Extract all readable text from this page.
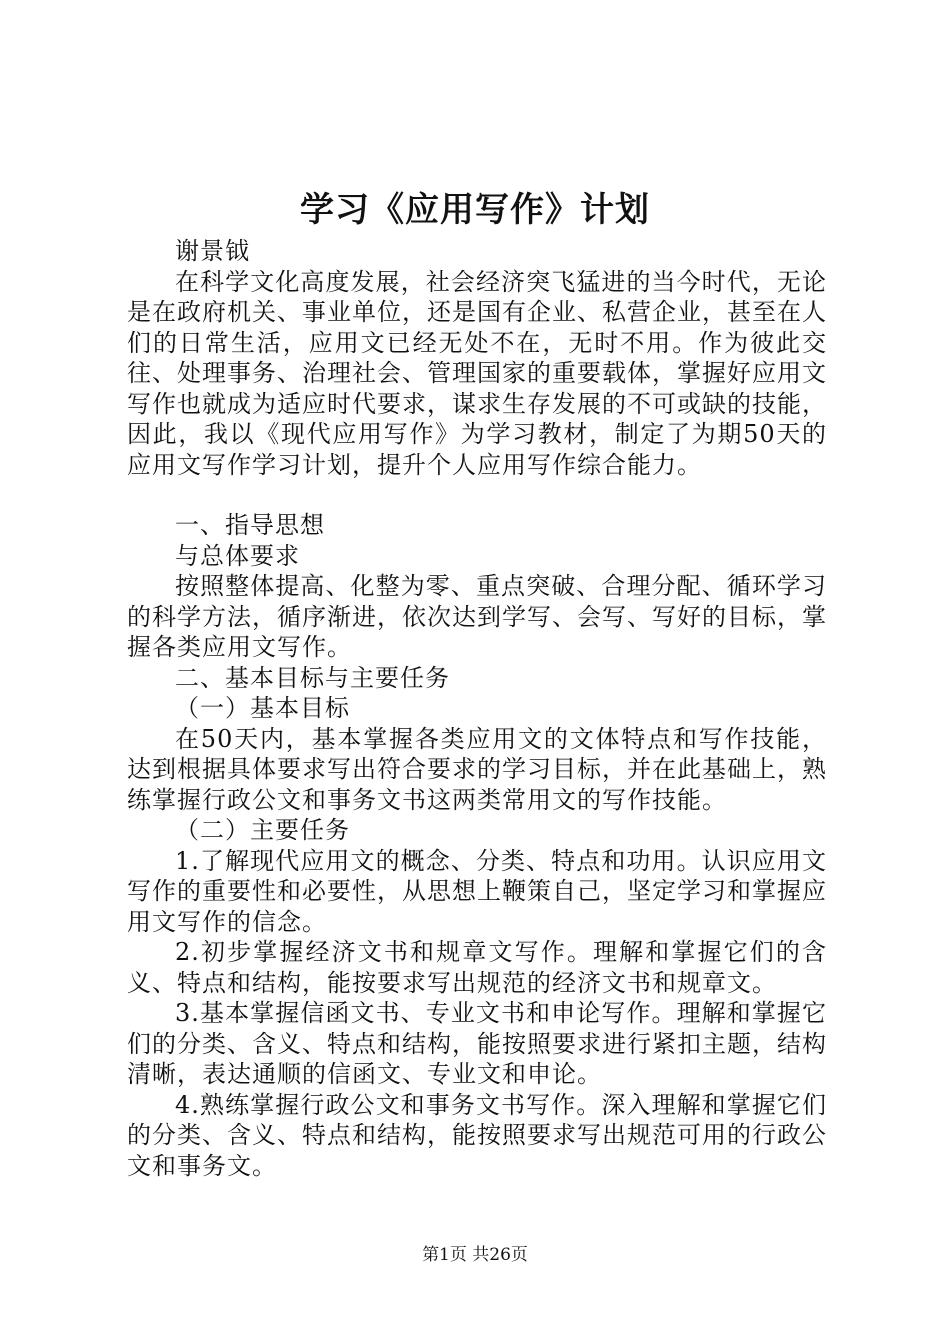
学习《应用写作》计划

谢景钺

在科学文化高度发展，社会经济突飞猛进的当今时代，无论是在政府机关、事业单位，还是国有企业、私营企业，甚至在人们的日常生活，应用文已经无处不在，无时不用。作为彼此交往、处理事务、治理社会、管理国家的重要载体，掌握好应用文写作也就成为适应时代要求，谋求生存发展的不可或缺的技能，因此，我以《现代应用写作》为学习教材，制定了为期50天的应用文写作学习计划，提升个人应用写作综合能力。

一、指导思想

与总体要求

按照整体提高、化整为零、重点突破、合理分配、循环学习的科学方法，循序渐进，依次达到学写、会写、写好的目标，掌握各类应用文写作。

二、基本目标与主要任务

（一）基本目标

在50天内，基本掌握各类应用文的文体特点和写作技能，达到根据具体要求写出符合要求的学习目标，并在此基础上，熟练掌握行政公文和事务文书这两类常用文的写作技能。

（二）主要任务

1.了解现代应用文的概念、分类、特点和功用。认识应用文写作的重要性和必要性，从思想上鞭策自己，坚定学习和掌握应用文写作的信念。

2.初步掌握经济文书和规章文写作。理解和掌握它们的含义、特点和结构，能按要求写出规范的经济文书和规章文。

3.基本掌握信函文书、专业文书和申论写作。理解和掌握它们的分类、含义、特点和结构，能按照要求进行紧扣主题，结构清晰，表达通顺的信函文、专业文和申论。

4.熟练掌握行政公文和事务文书写作。深入理解和掌握它们的分类、含义、特点和结构，能按照要求写出规范可用的行政公文和事务文。

第1页 共26页
